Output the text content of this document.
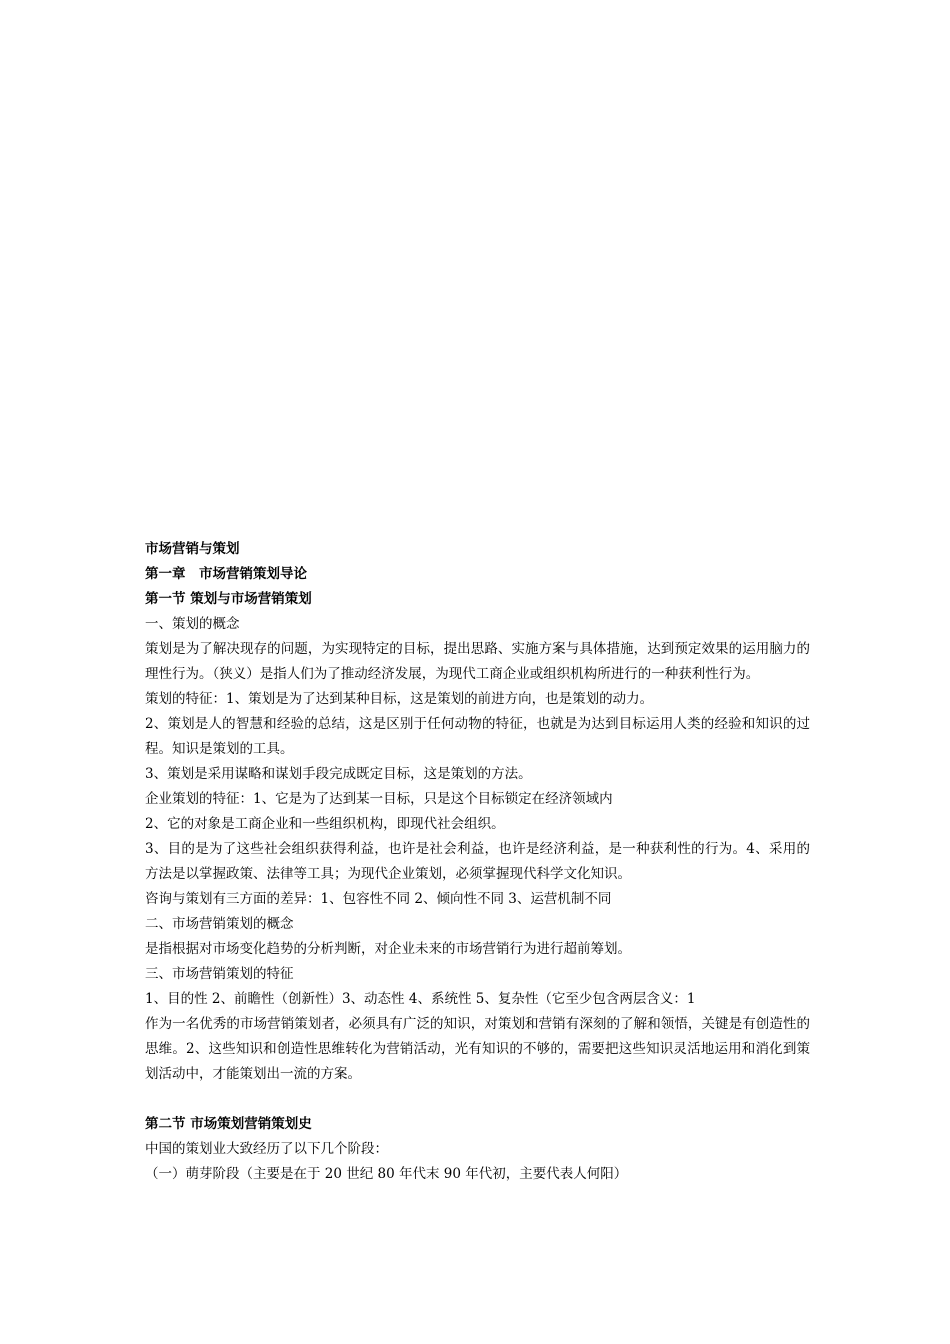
市场营销与策划

第一章　市场营销策划导论

第一节 策划与市场营销策划

一、策划的概念

策划是为了解决现存的问题，为实现特定的目标，提出思路、实施方案与具体措施，达到预定效果的运用脑力的理性行为。（狭义）是指人们为了推动经济发展，为现代工商企业或组织机构所进行的一种获利性行为。

策划的特征：1、策划是为了达到某种目标，这是策划的前进方向，也是策划的动力。

2、策划是人的智慧和经验的总结，这是区别于任何动物的特征，也就是为达到目标运用人类的经验和知识的过程。知识是策划的工具。

3、策划是采用谋略和谋划手段完成既定目标，这是策划的方法。

企业策划的特征：1、它是为了达到某一目标，只是这个目标锁定在经济领域内

2、它的对象是工商企业和一些组织机构，即现代社会组织。

3、目的是为了这些社会组织获得利益，也许是社会利益，也许是经济利益，是一种获利性的行为。4、采用的方法是以掌握政策、法律等工具；为现代企业策划，必须掌握现代科学文化知识。

咨询与策划有三方面的差异：1、包容性不同 2、倾向性不同 3、运营机制不同

二、市场营销策划的概念

是指根据对市场变化趋势的分析判断，对企业未来的市场营销行为进行超前筹划。

三、市场营销策划的特征

1、目的性 2、前瞻性（创新性）3、动态性 4、系统性 5、复杂性（它至少包含两层含义：1

作为一名优秀的市场营销策划者，必须具有广泛的知识，对策划和营销有深刻的了解和领悟，关键是有创造性的思维。2、这些知识和创造性思维转化为营销活动，光有知识的不够的，需要把这些知识灵活地运用和消化到策划活动中，才能策划出一流的方案。

第二节 市场策划营销策划史

中国的策划业大致经历了以下几个阶段：

（一）萌芽阶段（主要是在于 20 世纪 80 年代末 90 年代初，主要代表人何阳）
